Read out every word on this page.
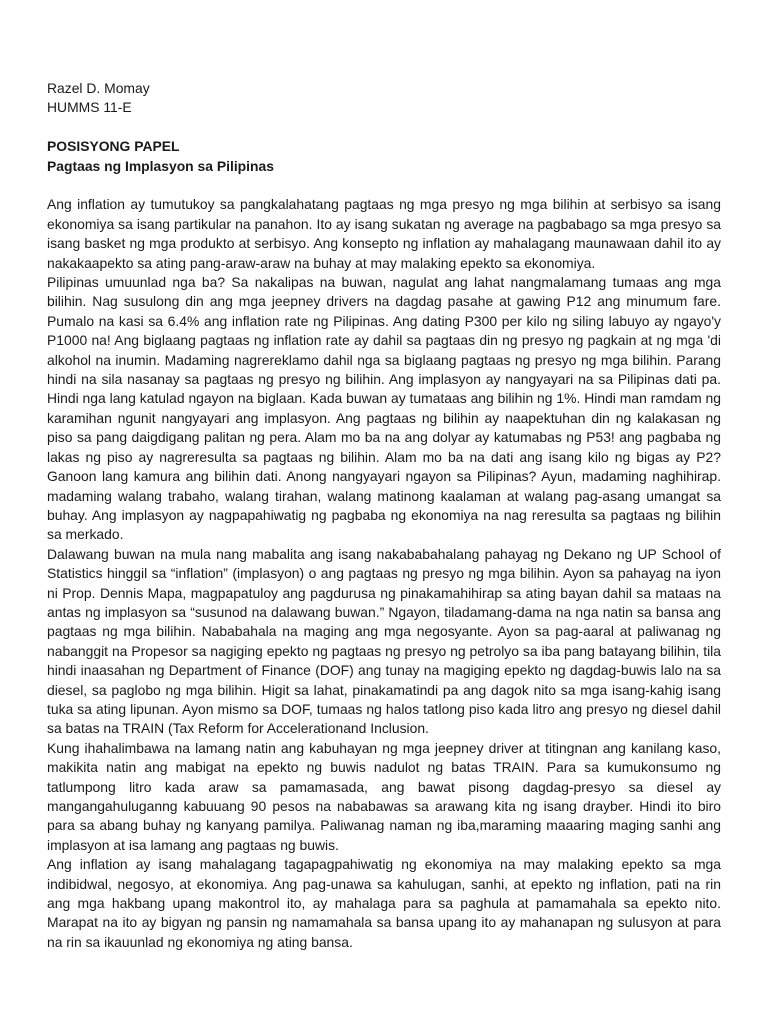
Razel D. Momay
HUMMS 11-E
POSISYONG PAPEL
Pagtaas ng Implasyon sa Pilipinas

Ang inflation ay tumutukoy sa pangkalahatang pagtaas ng mga presyo ng mga bilihin at serbisyo sa isang ekonomiya sa isang partikular na panahon. Ito ay isang sukatan ng average na pagbabago sa mga presyo sa isang basket ng mga produkto at serbisyo. Ang konsepto ng inflation ay mahalagang maunawaan dahil ito ay nakakaapekto sa ating pang-araw-araw na buhay at may malaking epekto sa ekonomiya.

Pilipinas umuunlad nga ba? Sa nakalipas na buwan, nagulat ang lahat nangmalamang tumaas ang mga bilihin. Nag susulong din ang mga jeepney drivers na dagdag pasahe at gawing P12 ang minumum fare. Pumalo na kasi sa 6.4% ang inflation rate ng Pilipinas. Ang dating P300 per kilo ng siling labuyo ay ngayo'y P1000 na! Ang biglaang pagtaas ng inflation rate ay dahil sa pagtaas din ng presyo ng pagkain at ng mga 'di alkohol na inumin. Madaming nagrereklamo dahil nga sa biglaang pagtaas ng presyo ng mga bilihin. Parang hindi na sila nasanay sa pagtaas ng presyo ng bilihin. Ang implasyon ay nangyayari na sa Pilipinas dati pa. Hindi nga lang katulad ngayon na biglaan. Kada buwan ay tumataas ang bilihin ng 1%. Hindi man ramdam ng karamihan ngunit nangyayari ang implasyon. Ang pagtaas ng bilihin ay naapektuhan din ng kalakasan ng piso sa pang daigdigang palitan ng pera. Alam mo ba na ang dolyar ay katumabas ng P53! ang pagbaba ng lakas ng piso ay nagreresulta sa pagtaas ng bilihin. Alam mo ba na dati ang isang kilo ng bigas ay P2? Ganoon lang kamura ang bilihin dati. Anong nangyayari ngayon sa Pilipinas? Ayun, madaming naghihirap. madaming walang trabaho, walang tirahan, walang matinong kaalaman at walang pag-asang umangat sa buhay. Ang implasyon ay nagpapahiwatig ng pagbaba ng ekonomiya na nag reresulta sa pagtaas ng bilihin sa merkado.

Dalawang buwan na mula nang mabalita ang isang nakababahalang pahayag ng Dekano ng UP School of Statistics hinggil sa “inflation” (implasyon) o ang pagtaas ng presyo ng mga bilihin. Ayon sa pahayag na iyon ni Prop. Dennis Mapa, magpapatuloy ang pagdurusa ng pinakamahihirap sa ating bayan dahil sa mataas na antas ng implasyon sa “susunod na dalawang buwan.” Ngayon, tiladamang-dama na nga natin sa bansa ang pagtaas ng mga bilihin. Nababahala na maging ang mga negosyante. Ayon sa pag-aaral at paliwanag ng nabanggit na Propesor sa nagiging epekto ng pagtaas ng presyo ng petrolyo sa iba pang batayang bilihin, tila hindi inaasahan ng Department of Finance (DOF) ang tunay na magiging epekto ng dagdag-buwis lalo na sa diesel, sa paglobo ng mga bilihin. Higit sa lahat, pinakamatindi pa ang dagok nito sa mga isang-kahig isang tuka sa ating lipunan. Ayon mismo sa DOF, tumaas ng halos tatlong piso kada litro ang presyo ng diesel dahil sa batas na TRAIN (Tax Reform for Accelerationand Inclusion.

Kung ihahalimbawa na lamang natin ang kabuhayan ng mga jeepney driver at titingnan ang kanilang kaso, makikita natin ang mabigat na epekto ng buwis nadulot ng batas TRAIN. Para sa kumukonsumo ng tatlumpong litro kada araw sa pamamasada, ang bawat pisong dagdag-presyo sa diesel ay mangangahulugan​ng kabuuang 90 pesos na nababawas sa arawang kita ng isang drayber. Hindi ito biro para sa abang buhay ng kanyang pamilya. Paliwanag naman ng iba,maraming maaaring maging sanhi ang implasyon at isa lamang ang pagtaas ng buwis.

Ang inflation ay isang mahalagang tagapagpahiwatig ng ekonomiya na may malaking epekto sa mga indibidwal, negosyo, at ekonomiya. Ang pag-unawa sa kahulugan, sanhi, at epekto ng inflation, pati na rin ang mga hakbang upang makontrol ito, ay mahalaga para sa paghula at pamamahala sa epekto nito. Marapat na ito ay bigyan ng pansin ng namamahala sa bansa upang ito ay mahanapan ng sulusyon at para na rin sa ikauunlad ng ekonomiya ng ating bansa.
